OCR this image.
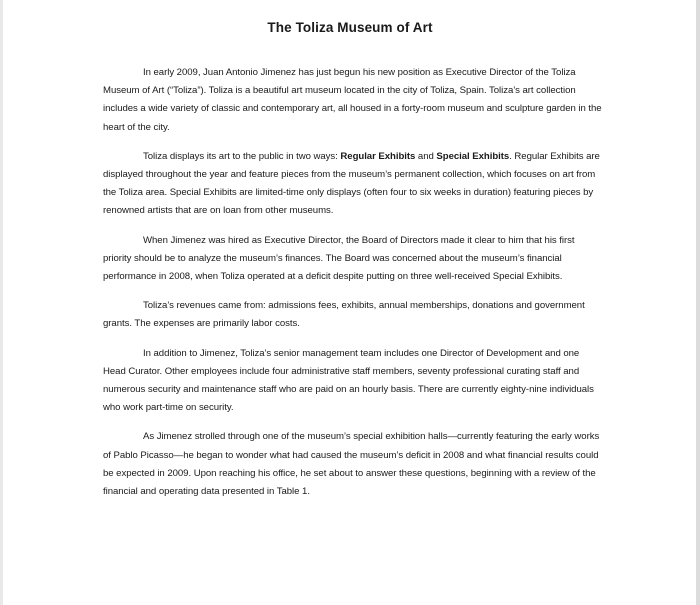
The Toliza Museum of Art

In early 2009, Juan Antonio Jimenez has just begun his new position as Executive Director of the Toliza Museum of Art (“Toliza”). Toliza is a beautiful art museum located in the city of Toliza, Spain. Toliza’s art collection includes a wide variety of classic and contemporary art, all housed in a forty-room museum and sculpture garden in the heart of the city.

Toliza displays its art to the public in two ways: Regular Exhibits and Special Exhibits. Regular Exhibits are displayed throughout the year and feature pieces from the museum’s permanent collection, which focuses on art from the Toliza area. Special Exhibits are limited-time only displays (often four to six weeks in duration) featuring pieces by renowned artists that are on loan from other museums.

When Jimenez was hired as Executive Director, the Board of Directors made it clear to him that his first priority should be to analyze the museum’s finances. The Board was concerned about the museum’s financial performance in 2008, when Toliza operated at a deficit despite putting on three well-received Special Exhibits.

Toliza’s revenues came from: admissions fees, exhibits, annual memberships, donations and government grants. The expenses are primarily labor costs.

In addition to Jimenez, Toliza’s senior management team includes one Director of Development and one Head Curator. Other employees include four administrative staff members, seventy professional curating staff and numerous security and maintenance staff who are paid on an hourly basis. There are currently eighty-nine individuals who work part-time on security.

As Jimenez strolled through one of the museum’s special exhibition halls—currently featuring the early works of Pablo Picasso—he began to wonder what had caused the museum’s deficit in 2008 and what financial results could be expected in 2009. Upon reaching his office, he set about to answer these questions, beginning with a review of the financial and operating data presented in Table 1.
